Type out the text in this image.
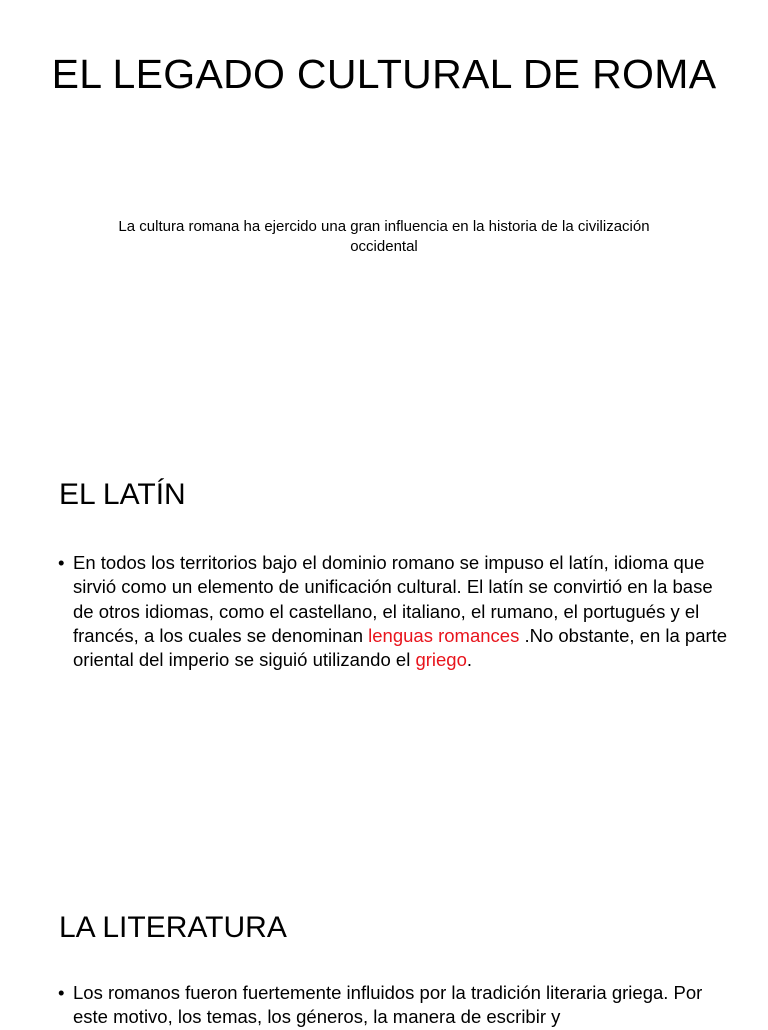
EL LEGADO CULTURAL DE ROMA

La cultura romana ha ejercido una gran influencia en la historia de la civilización occidental

EL LATÍN

• En todos los territorios bajo el dominio romano se impuso el latín, idioma que sirvió como un elemento de unificación cultural. El latín se convirtió en la base de otros idiomas, como el castellano, el italiano, el rumano, el portugués y el francés, a los cuales se denominan lenguas romances .No obstante, en la parte oriental del imperio se siguió utilizando el griego.

LA LITERATURA

• Los romanos fueron fuertemente influidos por la tradición literaria griega. Por este motivo, los temas, los géneros, la manera de escribir y
